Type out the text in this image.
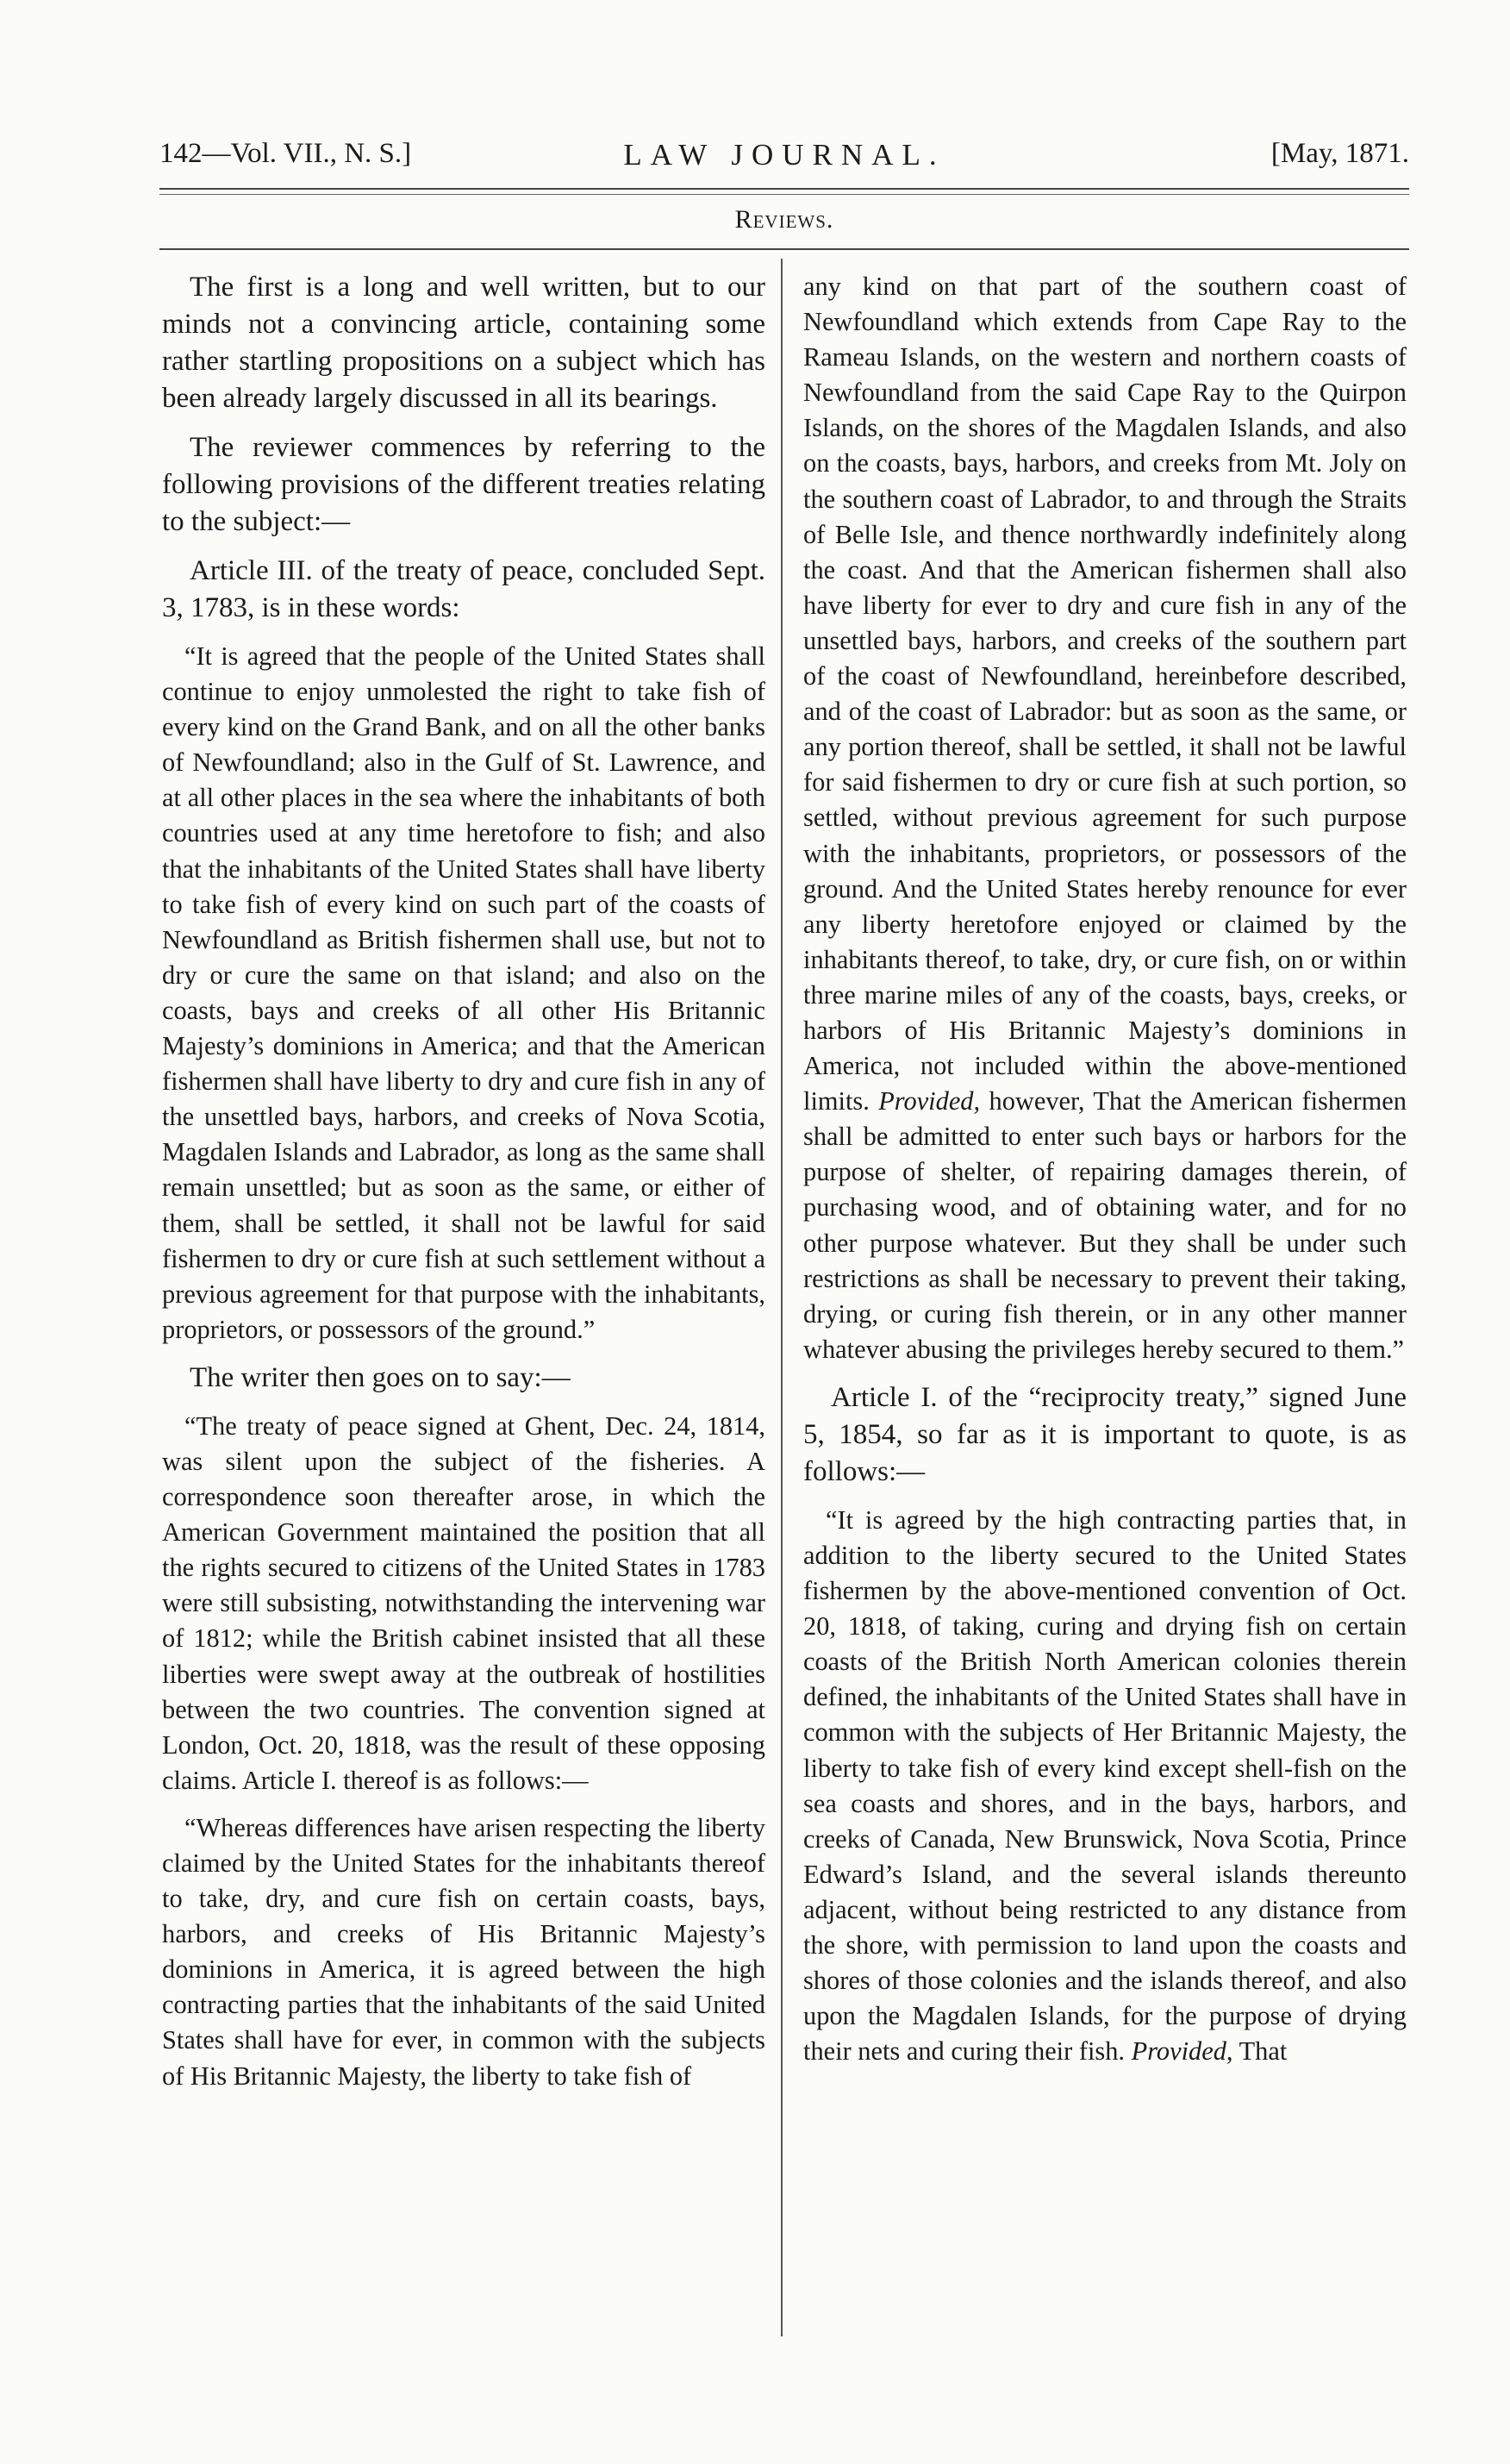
142—Vol. VII., N. S.]	LAW JOURNAL.	[May, 1871.
Reviews.

The first is a long and well written, but to our minds not a convincing article, containing some rather startling propositions on a subject which has been already largely discussed in all its bearings.

The reviewer commences by referring to the following provisions of the different treaties relating to the subject:—

Article III. of the treaty of peace, concluded Sept. 3, 1783, is in these words:

“It is agreed that the people of the United States shall continue to enjoy unmolested the right to take fish of every kind on the Grand Bank, and on all the other banks of Newfoundland; also in the Gulf of St. Lawrence, and at all other places in the sea where the inhabitants of both countries used at any time heretofore to fish; and also that the inhabitants of the United States shall have liberty to take fish of every kind on such part of the coasts of Newfoundland as British fishermen shall use, but not to dry or cure the same on that island; and also on the coasts, bays and creeks of all other His Britannic Majesty’s dominions in America; and that the American fishermen shall have liberty to dry and cure fish in any of the unsettled bays, harbors, and creeks of Nova Scotia, Magdalen Islands and Labrador, as long as the same shall remain unsettled; but as soon as the same, or either of them, shall be settled, it shall not be lawful for said fishermen to dry or cure fish at such settlement without a previous agreement for that purpose with the inhabitants, proprietors, or possessors of the ground.”

The writer then goes on to say:—

“The treaty of peace signed at Ghent, Dec. 24, 1814, was silent upon the subject of the fisheries. A correspondence soon thereafter arose, in which the American Government maintained the position that all the rights secured to citizens of the United States in 1783 were still subsisting, notwithstanding the intervening war of 1812; while the British cabinet insisted that all these liberties were swept away at the outbreak of hostilities between the two countries. The convention signed at London, Oct. 20, 1818, was the result of these opposing claims. Article I. thereof is as follows:—

“Whereas differences have arisen respecting the liberty claimed by the United States for the inhabitants thereof to take, dry, and cure fish on certain coasts, bays, harbors, and creeks of His Britannic Majesty’s dominions in America, it is agreed between the high contracting parties that the inhabitants of the said United States shall have for ever, in common with the subjects of His Britannic Majesty, the liberty to take fish of

any kind on that part of the southern coast of Newfoundland which extends from Cape Ray to the Rameau Islands, on the western and northern coasts of Newfoundland from the said Cape Ray to the Quirpon Islands, on the shores of the Magdalen Islands, and also on the coasts, bays, harbors, and creeks from Mt. Joly on the southern coast of Labrador, to and through the Straits of Belle Isle, and thence northwardly indefinitely along the coast. And that the American fishermen shall also have liberty for ever to dry and cure fish in any of the unsettled bays, harbors, and creeks of the southern part of the coast of Newfoundland, hereinbefore described, and of the coast of Labrador: but as soon as the same, or any portion thereof, shall be settled, it shall not be lawful for said fishermen to dry or cure fish at such portion, so settled, without previous agreement for such purpose with the inhabitants, proprietors, or possessors of the ground. And the United States hereby renounce for ever any liberty heretofore enjoyed or claimed by the inhabitants thereof, to take, dry, or cure fish, on or within three marine miles of any of the coasts, bays, creeks, or harbors of His Britannic Majesty’s dominions in America, not included within the above-mentioned limits. Provided, however, That the American fishermen shall be admitted to enter such bays or harbors for the purpose of shelter, of repairing damages therein, of purchasing wood, and of obtaining water, and for no other purpose whatever. But they shall be under such restrictions as shall be necessary to prevent their taking, drying, or curing fish therein, or in any other manner whatever abusing the privileges hereby secured to them.”

Article I. of the “reciprocity treaty,” signed June 5, 1854, so far as it is important to quote, is as follows:—

“It is agreed by the high contracting parties that, in addition to the liberty secured to the United States fishermen by the above-mentioned convention of Oct. 20, 1818, of taking, curing and drying fish on certain coasts of the British North American colonies therein defined, the inhabitants of the United States shall have in common with the subjects of Her Britannic Majesty, the liberty to take fish of every kind except shell-fish on the sea coasts and shores, and in the bays, harbors, and creeks of Canada, New Brunswick, Nova Scotia, Prince Edward’s Island, and the several islands thereunto adjacent, without being restricted to any distance from the shore, with permission to land upon the coasts and shores of those colonies and the islands thereof, and also upon the Magdalen Islands, for the purpose of drying their nets and curing their fish. Provided, That
